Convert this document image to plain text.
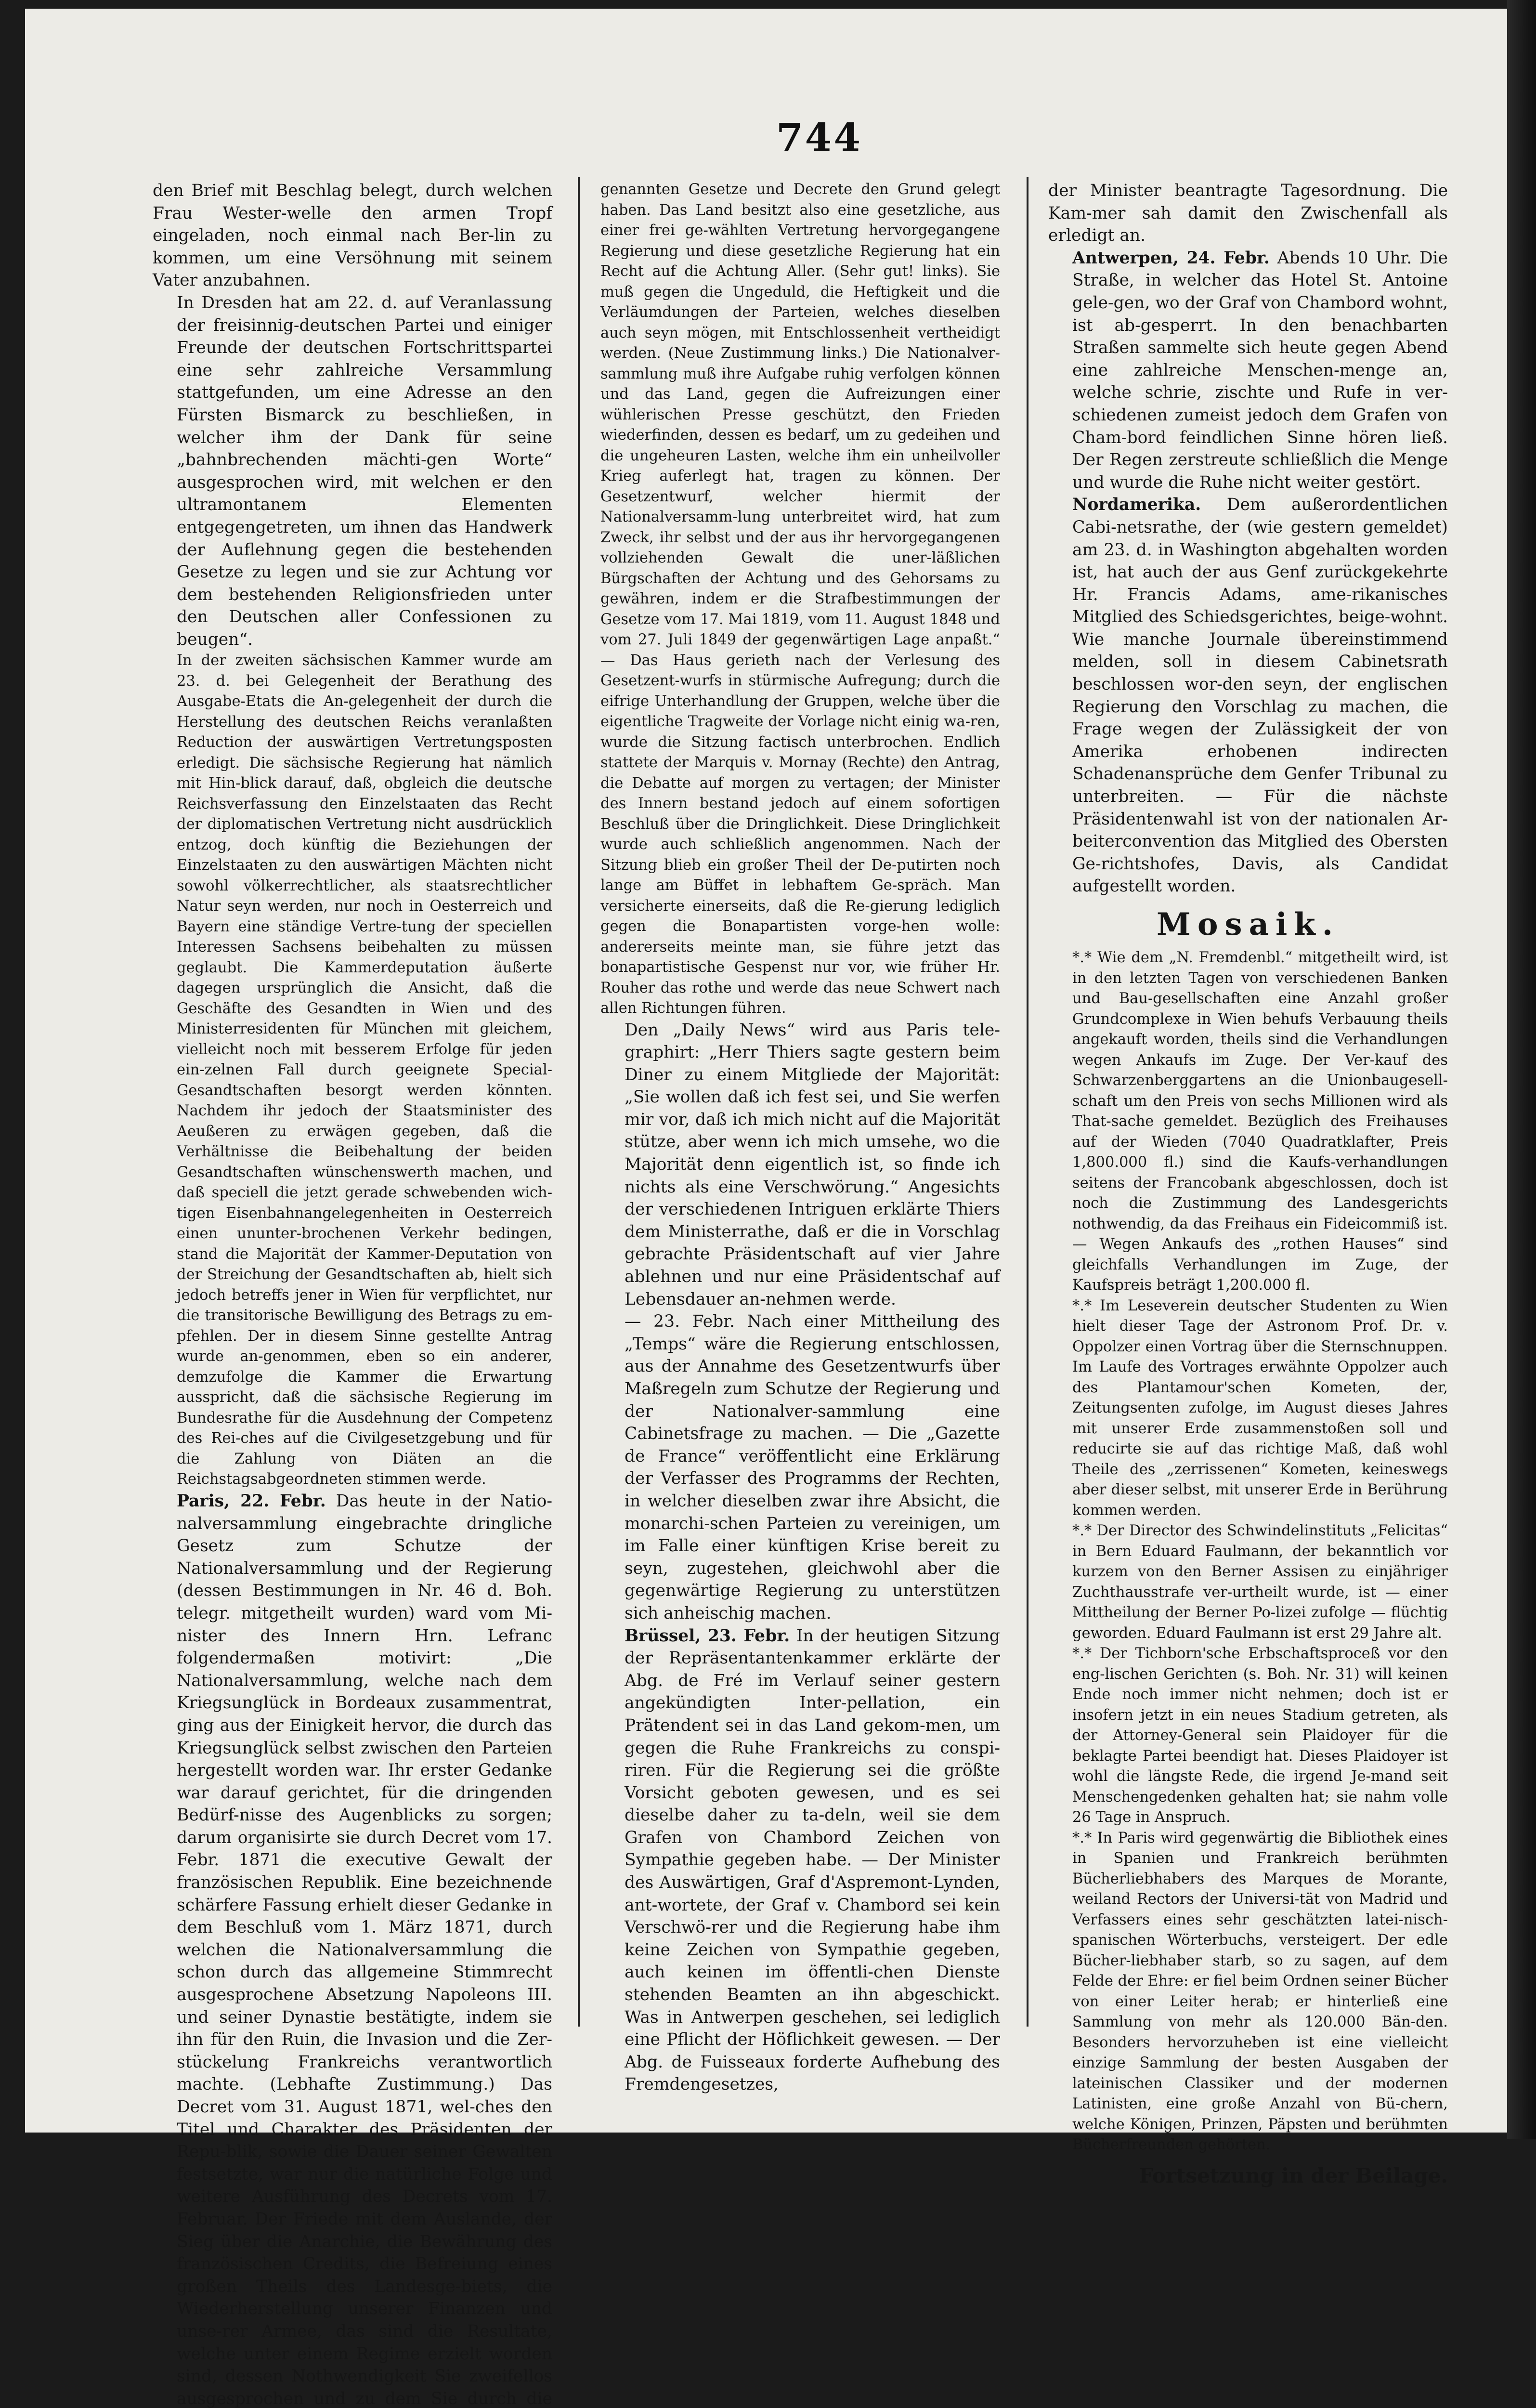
744

den Brief mit Beschlag belegt, durch welchen Frau Wester-welle den armen Tropf eingeladen, noch einmal nach Ber-lin zu kommen, um eine Versöhnung mit seinem Vater anzubahnen.

In Dresden hat am 22. d. auf Veranlassung der freisinnig-deutschen Partei und einiger Freunde der deutschen Fortschrittspartei eine sehr zahlreiche Versammlung stattgefunden, um eine Adresse an den Fürsten Bismarck zu beschließen, in welcher ihm der Dank für seine „bahnbrechenden mächti-gen Worte“ ausgesprochen wird, mit welchen er den ultramontanem Elementen entgegengetreten, um ihnen das Handwerk der Auflehnung gegen die bestehenden Gesetze zu legen und sie zur Achtung vor dem bestehenden Religionsfrieden unter den Deutschen aller Confessionen zu beugen“.

In der zweiten sächsischen Kammer wurde am 23. d. bei Gelegenheit der Berathung des Ausgabe-Etats die An-gelegenheit der durch die Herstellung des deutschen Reichs veranlaßten Reduction der auswärtigen Vertretungsposten erledigt. Die sächsische Regierung hat nämlich mit Hin-blick darauf, daß, obgleich die deutsche Reichsverfassung den Einzelstaaten das Recht der diplomatischen Vertretung nicht ausdrücklich entzog, doch künftig die Beziehungen der Einzelstaaten zu den auswärtigen Mächten nicht sowohl völkerrechtlicher, als staatsrechtlicher Natur seyn werden, nur noch in Oesterreich und Bayern eine ständige Vertre-tung der speciellen Interessen Sachsens beibehalten zu müssen geglaubt. Die Kammerdeputation äußerte dagegen ursprünglich die Ansicht, daß die Geschäfte des Gesandten in Wien und des Ministerresidenten für München mit gleichem, vielleicht noch mit besserem Erfolge für jeden ein-zelnen Fall durch geeignete Special-Gesandtschaften besorgt werden könnten. Nachdem ihr jedoch der Staatsminister des Aeußeren zu erwägen gegeben, daß die Verhältnisse die Beibehaltung der beiden Gesandtschaften wünschenswerth machen, und daß speciell die jetzt gerade schwebenden wich-tigen Eisenbahnangelegenheiten in Oesterreich einen ununter-brochenen Verkehr bedingen, stand die Majorität der Kammer-Deputation von der Streichung der Gesandtschaften ab, hielt sich jedoch betreffs jener in Wien für verpflichtet, nur die transitorische Bewilligung des Betrags zu em-pfehlen. Der in diesem Sinne gestellte Antrag wurde an-genommen, eben so ein anderer, demzufolge die Kammer die Erwartung ausspricht, daß die sächsische Regierung im Bundesrathe für die Ausdehnung der Competenz des Rei-ches auf die Civilgesetzgebung und für die Zahlung von Diäten an die Reichstagsabgeordneten stimmen werde.

Paris, 22. Febr. Das heute in der Natio-nalversammlung eingebrachte dringliche Gesetz zum Schutze der Nationalversammlung und der Regierung (dessen Bestimmungen in Nr. 46 d. Boh. telegr. mitgetheilt wurden) ward vom Mi-nister des Innern Hrn. Lefranc folgendermaßen motivirt: „Die Nationalversammlung, welche nach dem Kriegsunglück in Bordeaux zusammentrat, ging aus der Einigkeit hervor, die durch das Kriegsunglück selbst zwischen den Parteien hergestellt worden war. Ihr erster Gedanke war darauf gerichtet, für die dringenden Bedürf-nisse des Augenblicks zu sorgen; darum organisirte sie durch Decret vom 17. Febr. 1871 die executive Gewalt der französischen Republik. Eine bezeichnende schärfere Fassung erhielt dieser Gedanke in dem Beschluß vom 1. März 1871, durch welchen die Nationalversammlung die schon durch das allgemeine Stimmrecht ausgesprochene Absetzung Napoleons III. und seiner Dynastie bestätigte, indem sie ihn für den Ruin, die Invasion und die Zer-stückelung Frankreichs verantwortlich machte. (Lebhafte Zustimmung.) Das Decret vom 31. August 1871, wel-ches den Titel und Charakter des Präsidenten der Repu-blik, sowie die Dauer seiner Gewalten festsetzte, war nur die natürliche Folge und weitere Ausführung des Decrets vom 17. Februar. Der Friede mit dem Auslande, der Sieg über die Anarchie, die Bewährung des französischen Credits, die Befreiung eines großen Theils des Landesge-biets, die Wiederherstellung unserer Finanzen und unse-rer Armee, das sind die Resultate, welche unter einem Regime erzielt worden sind, dessen Nothwendigkeit Sie zweifellos ausgesprochen und zu dem Sie durch die

genannten Gesetze und Decrete den Grund gelegt haben. Das Land besitzt also eine gesetzliche, aus einer frei ge-wählten Vertretung hervorgegangene Regierung und diese gesetzliche Regierung hat ein Recht auf die Achtung Aller. (Sehr gut! links). Sie muß gegen die Ungeduld, die Heftigkeit und die Verläumdungen der Parteien, welches dieselben auch seyn mögen, mit Entschlossenheit vertheidigt werden. (Neue Zustimmung links.) Die Nationalver-sammlung muß ihre Aufgabe ruhig verfolgen können und das Land, gegen die Aufreizungen einer wühlerischen Presse geschützt, den Frieden wiederfinden, dessen es bedarf, um zu gedeihen und die ungeheuren Lasten, welche ihm ein unheilvoller Krieg auferlegt hat, tragen zu können. Der Gesetzentwurf, welcher hiermit der Nationalversamm-lung unterbreitet wird, hat zum Zweck, ihr selbst und der aus ihr hervorgegangenen vollziehenden Gewalt die uner-läßlichen Bürgschaften der Achtung und des Gehorsams zu gewähren, indem er die Strafbestimmungen der Gesetze vom 17. Mai 1819, vom 11. August 1848 und vom 27. Juli 1849 der gegenwärtigen Lage anpaßt.“ — Das Haus gerieth nach der Verlesung des Gesetzent-wurfs in stürmische Aufregung; durch die eifrige Unterhandlung der Gruppen, welche über die eigentliche Tragweite der Vorlage nicht einig wa-ren, wurde die Sitzung factisch unterbrochen. Endlich stattete der Marquis v. Mornay (Rechte) den Antrag, die Debatte auf morgen zu vertagen; der Minister des Innern bestand jedoch auf einem sofortigen Beschluß über die Dringlichkeit. Diese Dringlichkeit wurde auch schließlich angenommen. Nach der Sitzung blieb ein großer Theil der De-putirten noch lange am Büffet in lebhaftem Ge-spräch. Man versicherte einerseits, daß die Re-gierung lediglich gegen die Bonapartisten vorge-hen wolle: andererseits meinte man, sie führe jetzt das bonapartistische Gespenst nur vor, wie früher Hr. Rouher das rothe und werde das neue Schwert nach allen Richtungen führen.

Den „Daily News“ wird aus Paris tele-graphirt: „Herr Thiers sagte gestern beim Diner zu einem Mitgliede der Majorität: „Sie wollen daß ich fest sei, und Sie werfen mir vor, daß ich mich nicht auf die Majorität stütze, aber wenn ich mich umsehe, wo die Majorität denn eigentlich ist, so finde ich nichts als eine Verschwörung.“ Angesichts der verschiedenen Intriguen erklärte Thiers dem Ministerrathe, daß er die in Vorschlag gebrachte Präsidentschaft auf vier Jahre ablehnen und nur eine Präsidentschaf auf Lebensdauer an-nehmen werde.

— 23. Febr. Nach einer Mittheilung des „Temps“ wäre die Regierung entschlossen, aus der Annahme des Gesetzentwurfs über Maßregeln zum Schutze der Regierung und der Nationalver-sammlung eine Cabinetsfrage zu machen. — Die „Gazette de France“ veröffentlicht eine Erklärung der Verfasser des Programms der Rechten, in welcher dieselben zwar ihre Absicht, die monarchi-schen Parteien zu vereinigen, um im Falle einer künftigen Krise bereit zu seyn, zugestehen, gleichwohl aber die gegenwärtige Regierung zu unterstützen sich anheischig machen.

Brüssel, 23. Febr. In der heutigen Sitzung der Repräsentantenkammer erklärte der Abg. de Fré im Verlauf seiner gestern angekündigten Inter-pellation, ein Prätendent sei in das Land gekom-men, um gegen die Ruhe Frankreichs zu conspi-riren. Für die Regierung sei die größte Vorsicht geboten gewesen, und es sei dieselbe daher zu ta-deln, weil sie dem Grafen von Chambord Zeichen von Sympathie gegeben habe. — Der Minister des Auswärtigen, Graf d'Aspremont-Lynden, ant-wortete, der Graf v. Chambord sei kein Verschwö-rer und die Regierung habe ihm keine Zeichen von Sympathie gegeben, auch keinen im öffentli-chen Dienste stehenden Beamten an ihn abgeschickt. Was in Antwerpen geschehen, sei lediglich eine Pflicht der Höflichkeit gewesen. — Der Abg. de Fuisseaux forderte Aufhebung des Fremdengesetzes,

der Minister beantragte Tagesordnung. Die Kam-mer sah damit den Zwischenfall als erledigt an.

Antwerpen, 24. Febr. Abends 10 Uhr. Die Straße, in welcher das Hotel St. Antoine gele-gen, wo der Graf von Chambord wohnt, ist ab-gesperrt. In den benachbarten Straßen sammelte sich heute gegen Abend eine zahlreiche Menschen-menge an, welche schrie, zischte und Rufe in ver-schiedenen zumeist jedoch dem Grafen von Cham-bord feindlichen Sinne hören ließ. Der Regen zerstreute schließlich die Menge und wurde die Ruhe nicht weiter gestört.

Nordamerika. Dem außerordentlichen Cabi-netsrathe, der (wie gestern gemeldet) am 23. d. in Washington abgehalten worden ist, hat auch der aus Genf zurückgekehrte Hr. Francis Adams, ame-rikanisches Mitglied des Schiedsgerichtes, beige-wohnt. Wie manche Journale übereinstimmend melden, soll in diesem Cabinetsrath beschlossen wor-den seyn, der englischen Regierung den Vorschlag zu machen, die Frage wegen der Zulässigkeit der von Amerika erhobenen indirecten Schadenansprüche dem Genfer Tribunal zu unterbreiten. — Für die nächste Präsidentenwahl ist von der nationalen Ar-beiterconvention das Mitglied des Obersten Ge-richtshofes, Davis, als Candidat aufgestellt worden.

Mosaik.

*.* Wie dem „N. Fremdenbl.“ mitgetheilt wird, ist in den letzten Tagen von verschiedenen Banken und Bau-gesellschaften eine Anzahl großer Grundcomplexe in Wien behufs Verbauung theils angekauft worden, theils sind die Verhandlungen wegen Ankaufs im Zuge. Der Ver-kauf des Schwarzenberggartens an die Unionbaugesell-schaft um den Preis von sechs Millionen wird als That-sache gemeldet. Bezüglich des Freihauses auf der Wieden (7040 Quadratklafter, Preis 1,800.000 fl.) sind die Kaufs-verhandlungen seitens der Francobank abgeschlossen, doch ist noch die Zustimmung des Landesgerichts nothwendig, da das Freihaus ein Fideicommiß ist. — Wegen Ankaufs des „rothen Hauses“ sind gleichfalls Verhandlungen im Zuge, der Kaufspreis beträgt 1,200.000 fl.

*.* Im Leseverein deutscher Studenten zu Wien hielt dieser Tage der Astronom Prof. Dr. v. Oppolzer einen Vortrag über die Sternschnuppen. Im Laufe des Vortrages erwähnte Oppolzer auch des Plantamour'schen Kometen, der, Zeitungsenten zufolge, im August dieses Jahres mit unserer Erde zusammenstoßen soll und reducirte sie auf das richtige Maß, daß wohl Theile des „zerrissenen“ Kometen, keineswegs aber dieser selbst, mit unserer Erde in Berührung kommen werden.

*.* Der Director des Schwindelinstituts „Felicitas“ in Bern Eduard Faulmann, der bekanntlich vor kurzem von den Berner Assisen zu einjähriger Zuchthausstrafe ver-urtheilt wurde, ist — einer Mittheilung der Berner Po-lizei zufolge — flüchtig geworden. Eduard Faulmann ist erst 29 Jahre alt.

*.* Der Tichborn'sche Erbschaftsproceß vor den eng-lischen Gerichten (s. Boh. Nr. 31) will keinen Ende noch immer nicht nehmen; doch ist er insofern jetzt in ein neues Stadium getreten, als der Attorney-General sein Plaidoyer für die beklagte Partei beendigt hat. Dieses Plaidoyer ist wohl die längste Rede, die irgend Je-mand seit Menschengedenken gehalten hat; sie nahm volle 26 Tage in Anspruch.

*.* In Paris wird gegenwärtig die Bibliothek eines in Spanien und Frankreich berühmten Bücherliebhabers des Marques de Morante, weiland Rectors der Universi-tät von Madrid und Verfassers eines sehr geschätzten latei-nisch-spanischen Wörterbuchs, versteigert. Der edle Bücher-liebhaber starb, so zu sagen, auf dem Felde der Ehre: er fiel beim Ordnen seiner Bücher von einer Leiter herab; er hinterließ eine Sammlung von mehr als 120.000 Bän-den. Besonders hervorzuheben ist eine vielleicht einzige Sammlung der besten Ausgaben der lateinischen Classiker und der modernen Latinisten, eine große Anzahl von Bü-chern, welche Königen, Prinzen, Päpsten und berühmten Bücherfreunden gehörten.

Fortsetzung in der Beilage.
